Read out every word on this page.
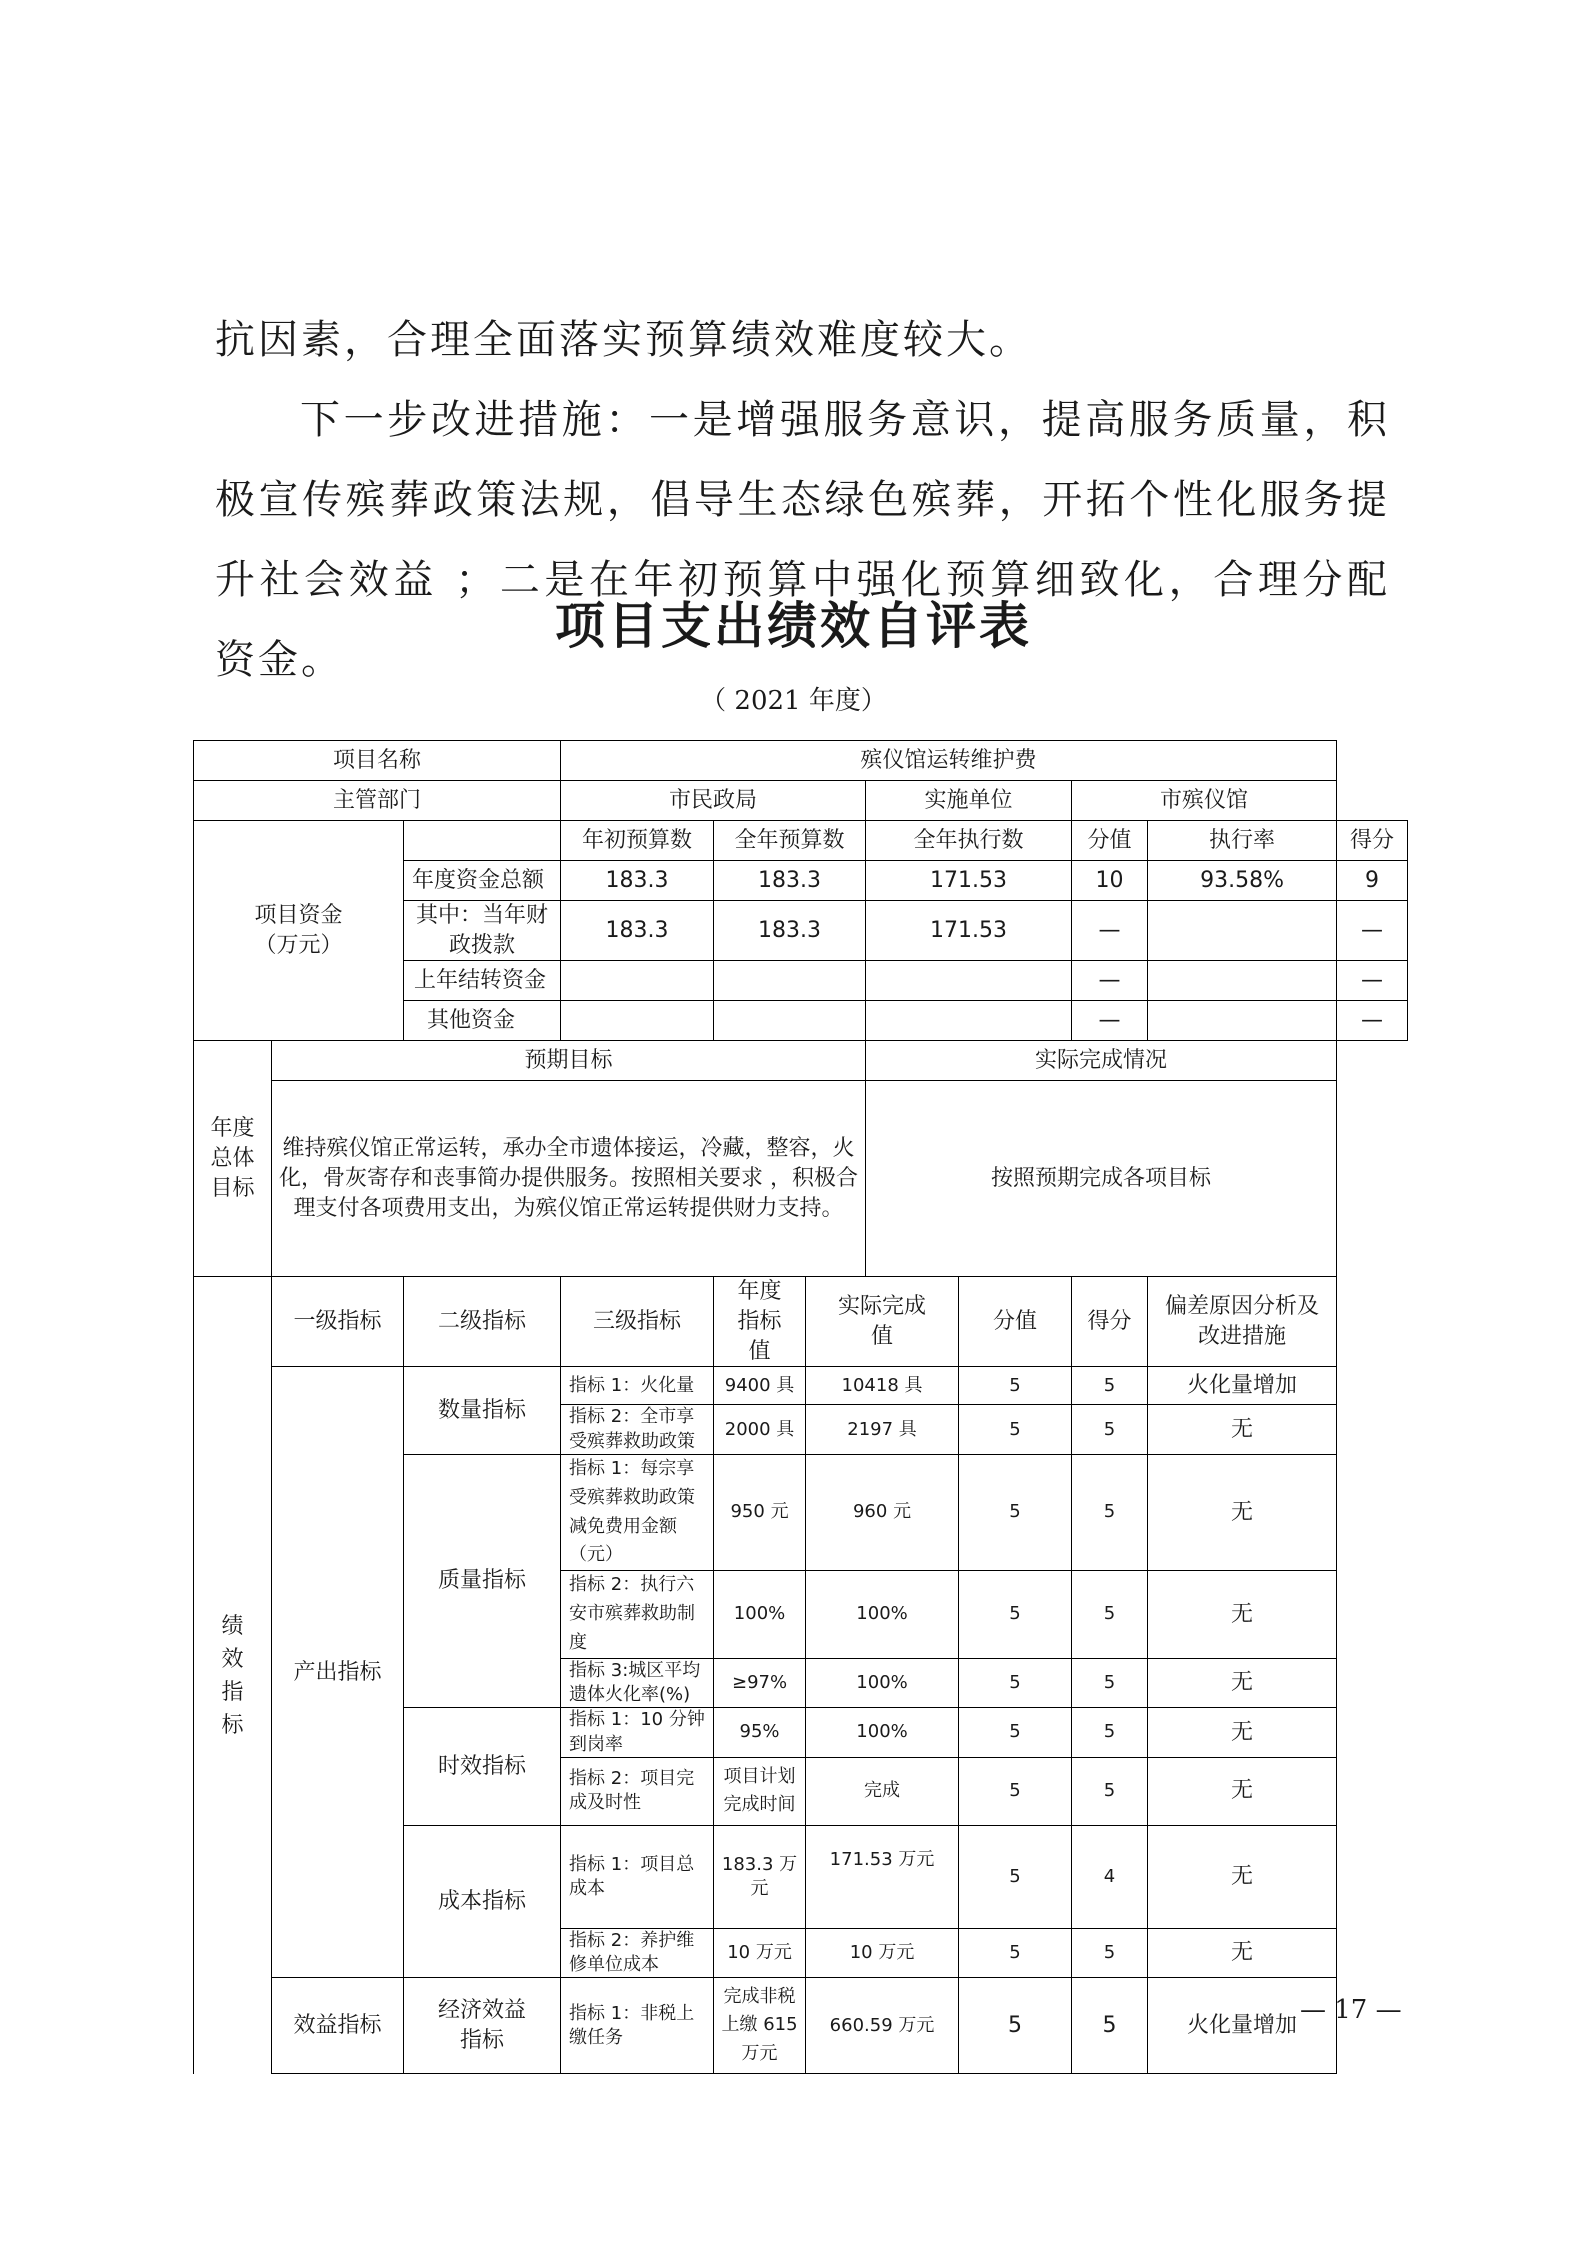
抗因素，合理全面落实预算绩效难度较大。

下一步改进措施：一是增强服务意识，提高服务质量，积极宣传殡葬政策法规，倡导生态绿色殡葬，开拓个性化服务提升社会效益 ；二是在年初预算中强化预算细致化，合理分配资金。

项目支出绩效自评表
（ 2021 年度）
项目名称			殡仪馆运转维护费							
主管部门			市民政局			实施单位		市殡仪馆		

项目资金
（万元）			年初预算数	全年预算数		全年执行数		分值	执行率	得分
		年度资金总额	183.3	183.3		171.53		10	93.58%	9
		其中：当年财政拨款	183.3	183.3		171.53		—		—
		上年结转资金						—		—
		其他资金						—		—
年度总体目标	预期目标					实际完成情况				
	维持殡仪馆正常运转，承办全市遗体接运，冷藏，整容，火化，骨灰寄存和丧事简办提供服务。按照相关要求 ，积极合理支付各项费用支出，为殡仪馆正常运转提供财力支持。					按照预期完成各项目标				
绩效指标	一级指标	二级指标	三级指标	年度指标值	实际完成值		分值	得分	偏差原因分析及改进措施	
	产出指标	数量指标	指标 1：火化量	9400 具	10418 具		5	5	火化量增加	
			指标 2：全市享受殡葬救助政策	2000 具	2197 具		5	5	无	
		质量指标	指标 1：每宗享受殡葬救助政策减免费用金额（元）	950 元	960 元		5	5	无	
			指标 2：执行六安市殡葬救助制度	100%	100%		5	5	无	
			指标 3:城区平均遗体火化率(%)	≥97%	100%		5	5	无	
		时效指标	指标 1：10 分钟到岗率	95%	100%		5	5	无	
			指标 2：项目完成及时性	项目计划完成时间	完成		5	5	无	
		成本指标	指标 1：项目总成本	183.3 万元	171.53 万元		5	4	无	
			指标 2：养护维修单位成本	10 万元	10 万元		5	5	无	
	效益指标	经济效益指标	指标 1：非税上缴任务	完成非税上缴 615 万元	660.59 万元		5	5	火化量增加	
— 17 —
